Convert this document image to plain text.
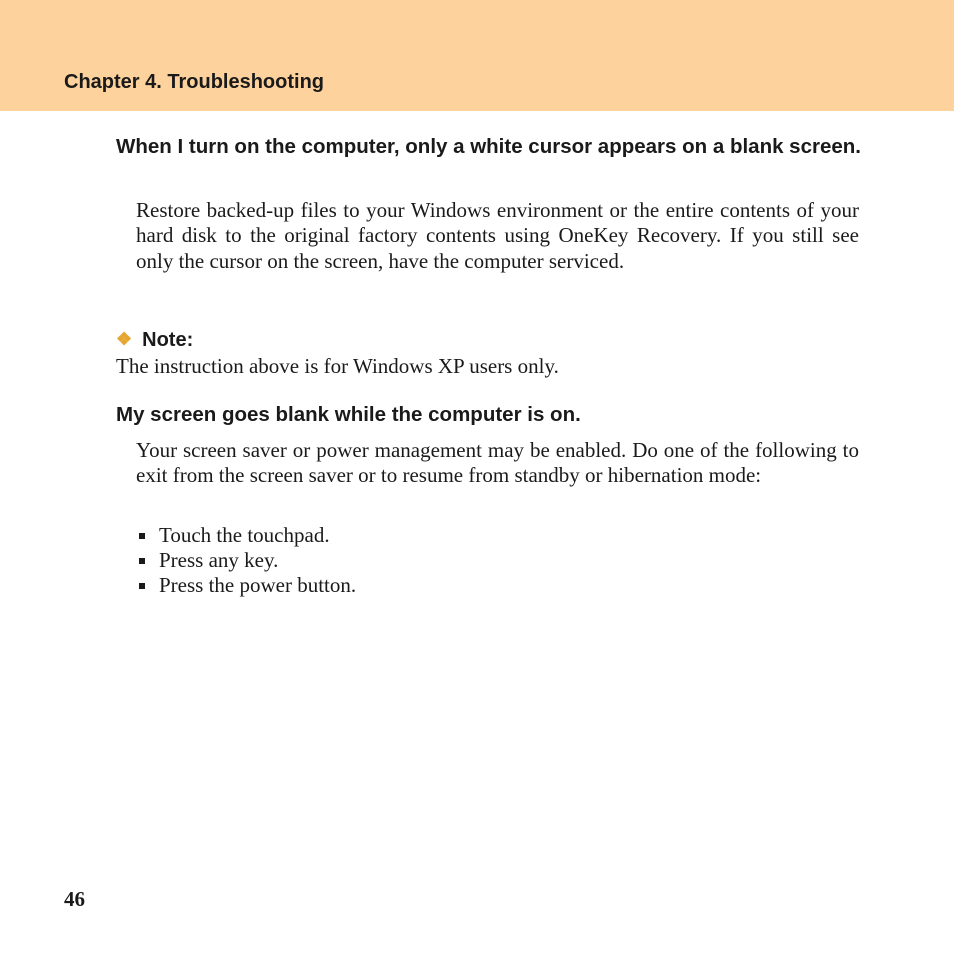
Chapter 4. Troubleshooting
When I turn on the computer, only a white cursor appears on a blank screen.

Restore backed-up files to your Windows environment or the entire contents of your hard disk to the original factory contents using OneKey Recovery. If you still see only the cursor on the screen, have the computer serviced.

❖ Note:

The instruction above is for Windows XP users only.

My screen goes blank while the computer is on.

Your screen saver or power management may be enabled. Do one of the following to exit from the screen saver or to resume from standby or hibernation mode:

Touch the touchpad.
Press any key.
Press the power button.

46
